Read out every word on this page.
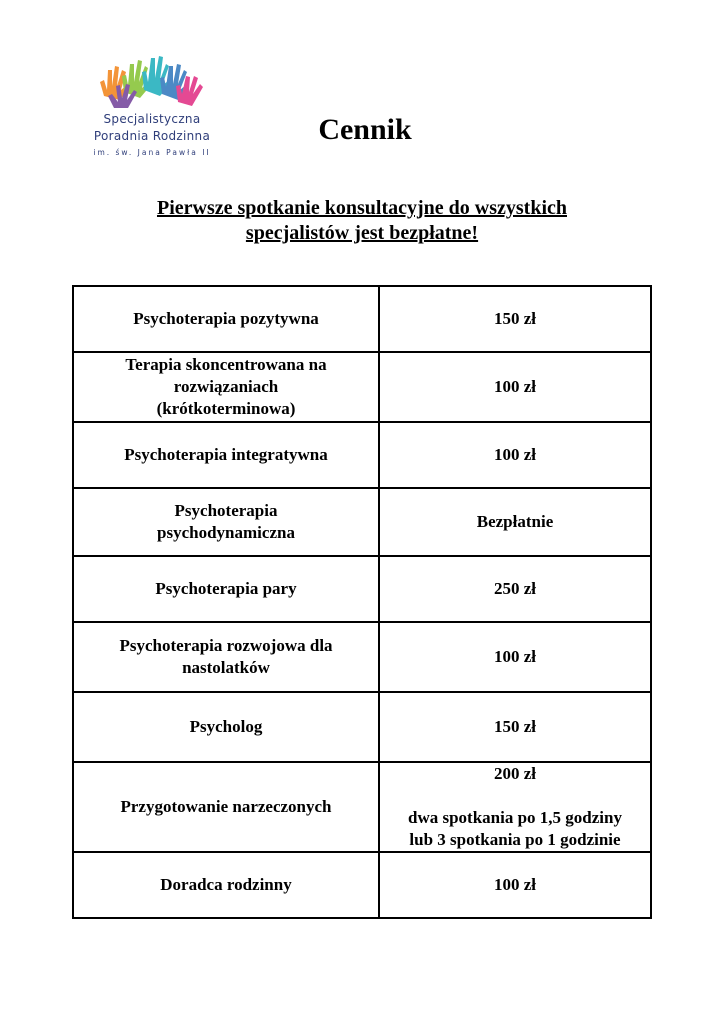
Specjalistyczna
Poradnia Rodzinna
im. św. Jana Pawła II
Cennik
Pierwsze spotkanie konsultacyjne do wszystkich
specjalistów jest bezpłatne!
Psychoterapia pozytywna	150 zł

Terapia skoncentrowana na
rozwiązaniach
(krótkoterminowa)	100 zł

Psychoterapia integratywna	100 zł

Psychoterapia
psychodynamiczna	Bezpłatnie

Psychoterapia pary	250 zł

Psychoterapia rozwojowa dla
nastolatków	100 zł

Psycholog	150 zł

Przygotowanie narzeczonych	200 zł
dwa spotkania po 1,5 godziny
lub 3 spotkania po 1 godzinie

Doradca rodzinny	100 zł
